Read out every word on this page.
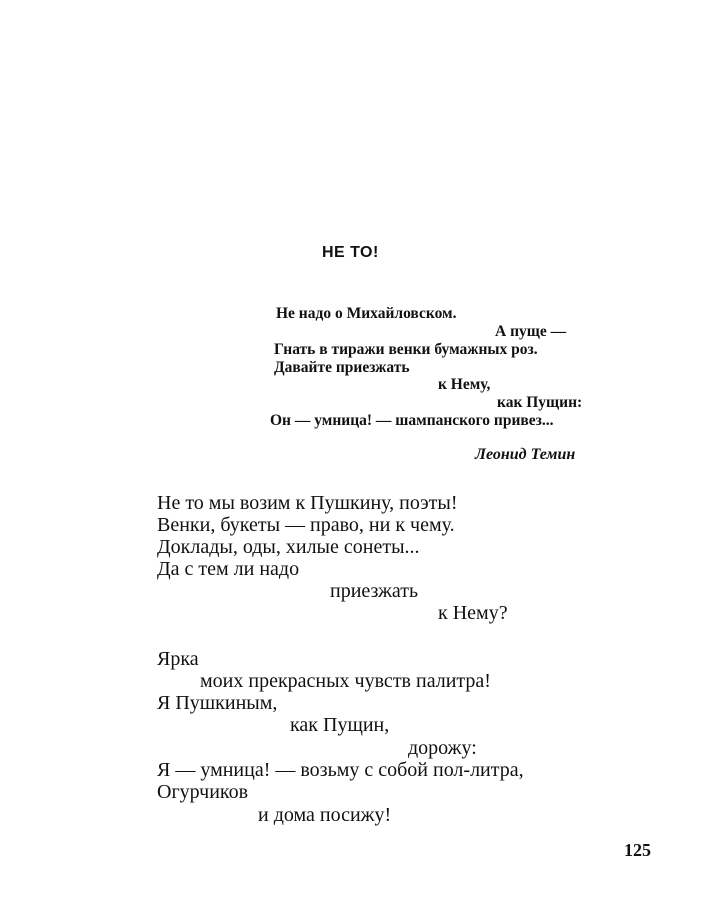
НЕ ТО!
Не надо о Михайловском.
А пуще —
Гнать в тиражи венки бумажных роз.
Давайте приезжать
к Нему,
как Пущин:
Он — умница! — шампанского привез...
Леонид Темин
Не то мы возим к Пушкину, поэты!
Венки, букеты — право, ни к чему.
Доклады, оды, хилые сонеты...
Да с тем ли надо
приезжать
к Нему?
Ярка
моих прекрасных чувств палитра!
Я Пушкиным,
как Пущин,
дорожу:
Я — умница! — возьму с собой пол-литра,
Огурчиков
и дома посижу!
125
